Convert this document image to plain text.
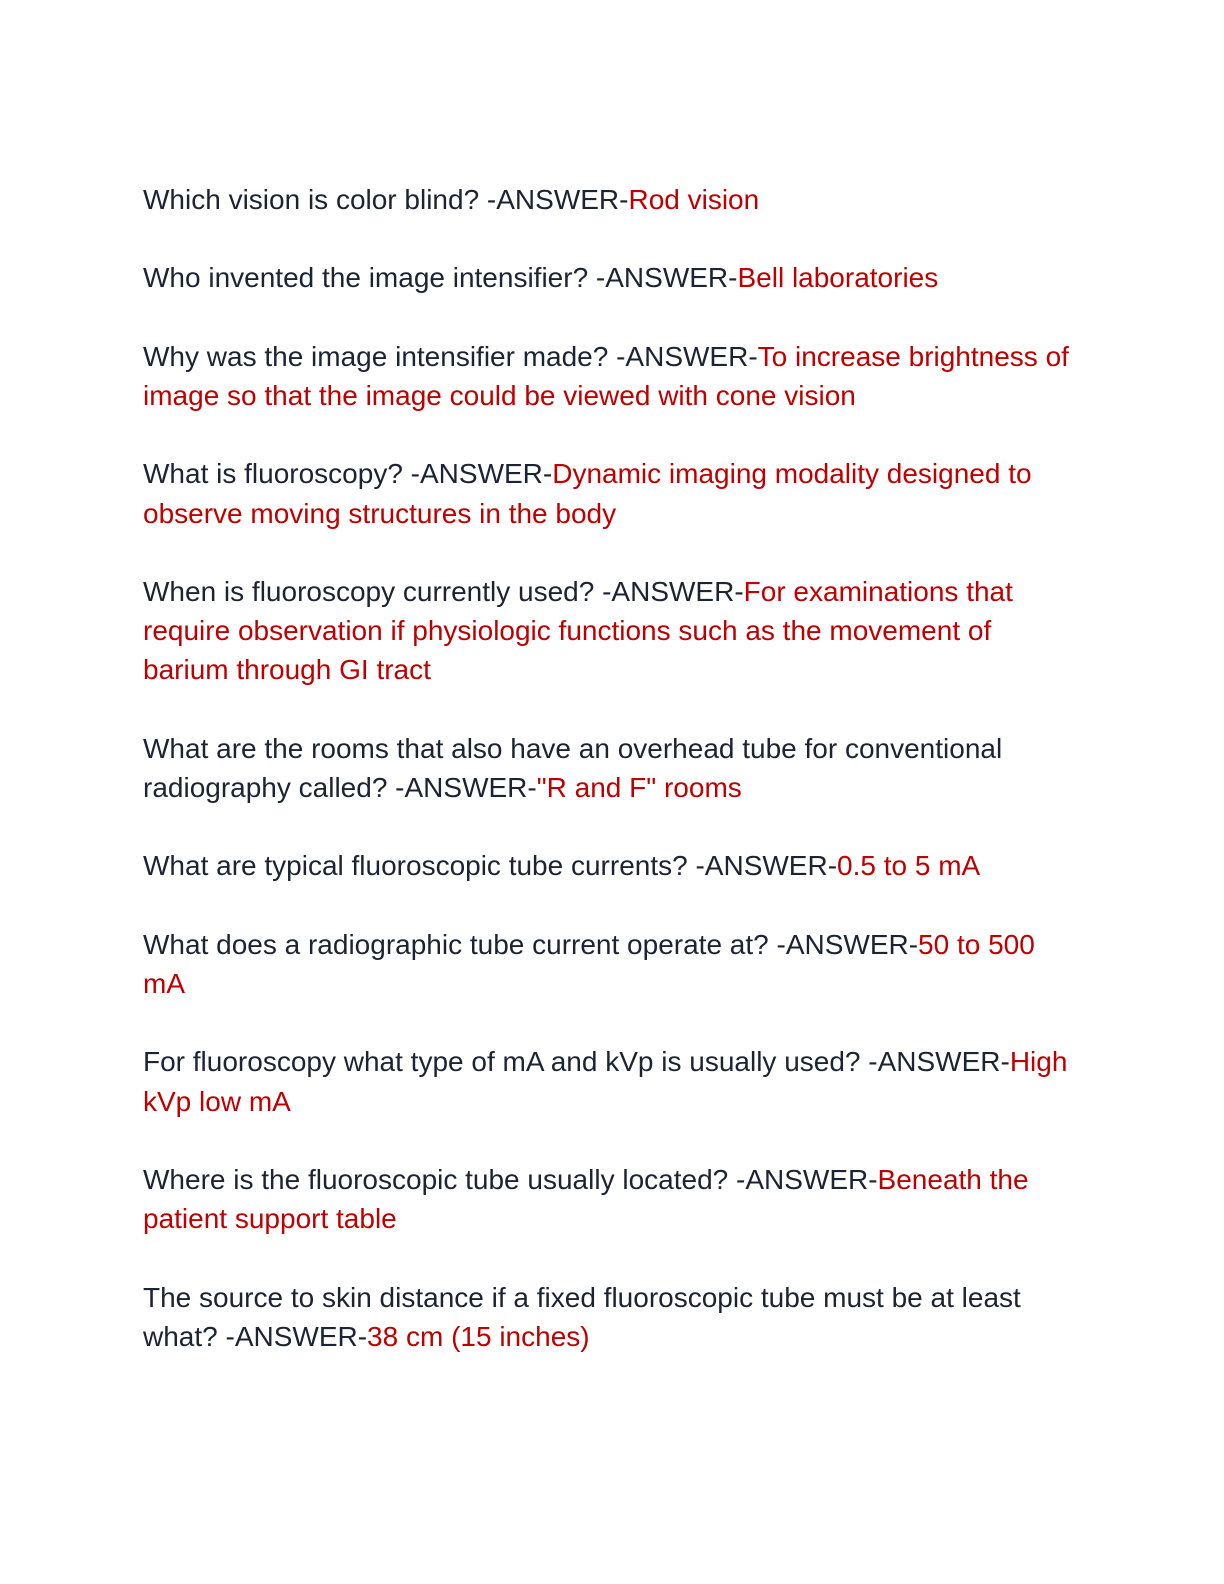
Which vision is color blind? -ANSWER-Rod vision

Who invented the image intensifier? -ANSWER-Bell laboratories

Why was the image intensifier made? -ANSWER-To increase brightness of image so that the image could be viewed with cone vision

What is fluoroscopy? -ANSWER-Dynamic imaging modality designed to observe moving structures in the body

When is fluoroscopy currently used? -ANSWER-For examinations that require observation if physiologic functions such as the movement of barium through GI tract

What are the rooms that also have an overhead tube for conventional radiography called? -ANSWER-"R and F" rooms

What are typical fluoroscopic tube currents? -ANSWER-0.5 to 5 mA

What does a radiographic tube current operate at? -ANSWER-50 to 500 mA

For fluoroscopy what type of mA and kVp is usually used? -ANSWER-High kVp low mA

Where is the fluoroscopic tube usually located? -ANSWER-Beneath the patient support table

The source to skin distance if a fixed fluoroscopic tube must be at least what? -ANSWER-38 cm (15 inches)
